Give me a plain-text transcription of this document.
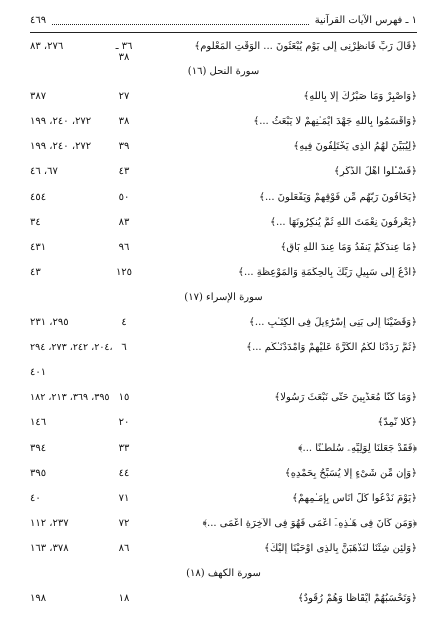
١ ـ فهرس الآيات القرآنية
٤٦٩
﴿قَالَ رَبِّ فَأَنظِرْنِى إِلَى يَوْمِ يُبْعَثُونَ ... الْوَقْتِ الْمَعْلُومِ﴾
٣٦ ـ ٣٨
٢٧٦، ٨٣
سورة النحل (١٦)
﴿وَاصْبِرْ وَمَا صَبْرُكَ إِلَّا بِاللَّهِ﴾
٢٧
٣٨٧
﴿وَأَقْسَمُوا بِاللَّهِ جَهْدَ أَيْمَـٰنِهِمْ لَا يَبْعَثُ ...﴾
٣٨
٢٧٢، ٢٤٠، ١٩٩
﴿لِيُبَيِّنَ لَهُمُ الَّذِى يَخْتَلِفُونَ فِيهِ﴾
٣٩
٢٧٢، ٢٤٠، ١٩٩
﴿فَسْـَٔلُوا أَهْلَ الذِّكْرِ﴾
٤٣
٦٧، ٤٦
﴿يَخَافُونَ رَبَّهُم مِّن فَوْقِهِمْ وَيَفْعَلُونَ ...﴾
٥٠
٤٥٤
﴿يَعْرِفُونَ نِعْمَتَ اللَّهِ ثُمَّ يُنكِرُونَهَا ...﴾
٨٣
٣٤
﴿مَا عِندَكُمْ يَنفَدُ وَمَا عِندَ اللَّهِ بَاقٍ﴾
٩٦
٤٣١
﴿ادْعُ إِلَى سَبِيلِ رَبِّكَ بِالْحِكْمَةِ وَالْمَوْعِظَةِ ...﴾
١٢٥
٤٣
سورة الإسراء (١٧)
﴿وَقَضَيْنَا إِلَى بَنِى إِسْرَٰٓءِيلَ فِى الْكِتَـٰبِ ...﴾
٤
٢٩٥، ٢٣١
﴿ثُمَّ رَدَدْنَا لَكُمُ الْكَرَّةَ عَلَيْهِمْ وَأَمْدَدْنَـٰكُم ...﴾
٦
٢٠٤، ٢٤٢، ٢٧٣، ٢٩٤،
٤٠١
﴿وَمَا كُنَّا مُعَذِّبِينَ حَتَّى نَبْعَثَ رَسُولًا﴾
١٥
٣٩٥، ٣٦٩، ٢١٣، ١٨٢
﴿كُلًّا نُّمِدُّ﴾
٢٠
١٤٦
﴿فَقَدْ جَعَلْنَا لِوَلِيِّهِۦ سُلْطَـٰنًا ...﴾
٣٣
٣٩٤
﴿وَإِن مِّن شَىْءٍ إِلَّا يُسَبِّحُ بِحَمْدِهِ﴾
٤٤
٣٩٥
﴿يَوْمَ نَدْعُوا كُلَّ أُنَاسٍ بِإِمَـٰمِهِمْ﴾
٧١
٤٠
﴿وَمَن كَانَ فِى هَـٰذِهِۦٓ أَعْمَى فَهُوَ فِى الْآخِرَةِ أَعْمَى ...﴾
٧٢
٢٣٧، ١١٢
﴿وَلَئِن شِئْنَا لَنَذْهَبَنَّ بِالَّذِى أَوْحَيْنَا إِلَيْكَ﴾
٨٦
٣٧٨، ١٦٣
سورة الكهف (١٨)
﴿وَتَحْسَبُهُمْ أَيْقَاظًا وَهُمْ رُقُودٌ﴾
١٨
١٩٨
